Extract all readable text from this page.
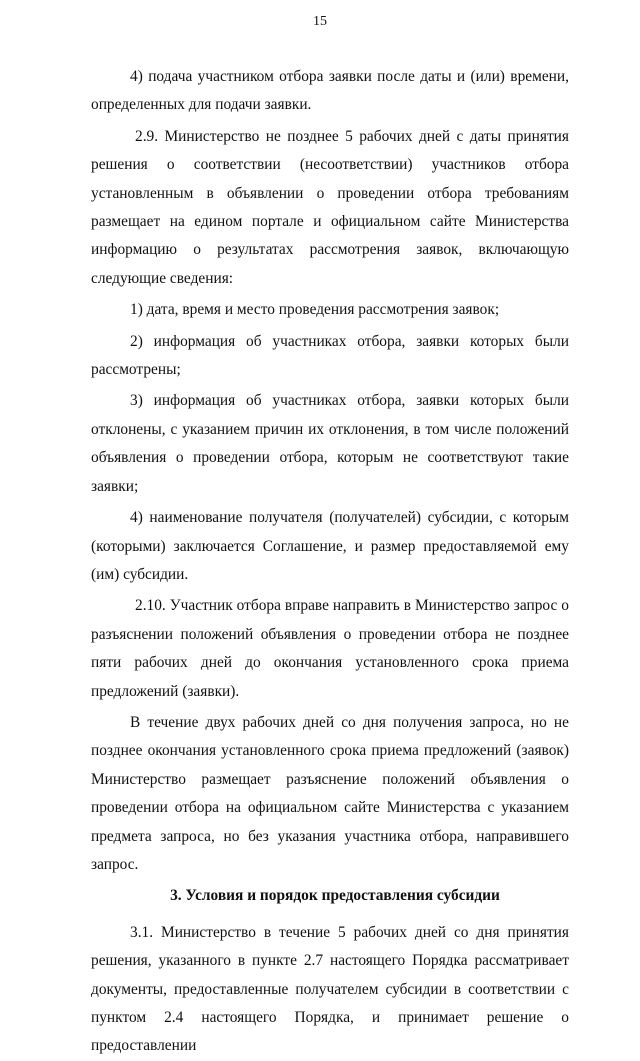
15

4) подача участником отбора заявки после даты и (или) времени, определенных для подачи заявки.

2.9. Министерство не позднее 5 рабочих дней с даты принятия решения о соответствии (несоответствии) участников отбора установленным в объявлении о проведении отбора требованиям размещает на едином портале и официальном сайте Министерства информацию о результатах рассмотрения заявок, включающую следующие сведения:

1) дата, время и место проведения рассмотрения заявок;

2) информация об участниках отбора, заявки которых были рассмотрены;

3) информация об участниках отбора, заявки которых были отклонены, с указанием причин их отклонения, в том числе положений объявления о проведении отбора, которым не соответствуют такие заявки;

4) наименование получателя (получателей) субсидии, с которым (которыми) заключается Соглашение, и размер предоставляемой ему (им) субсидии.

2.10. Участник отбора вправе направить в Министерство запрос о разъяснении положений объявления о проведении отбора не позднее пяти рабочих дней до окончания установленного срока приема предложений (заявки).

В течение двух рабочих дней со дня получения запроса, но не позднее окончания установленного срока приема предложений (заявок) Министерство размещает разъяснение положений объявления о проведении отбора на официальном сайте Министерства с указанием предмета запроса, но без указания участника отбора, направившего запрос.

3. Условия и порядок предоставления субсидии

3.1. Министерство в течение 5 рабочих дней со дня принятия решения, указанного в пункте 2.7 настоящего Порядка рассматривает документы, предоставленные получателем субсидии в соответствии с пунктом 2.4 настоящего Порядка, и принимает решение о предоставлении
